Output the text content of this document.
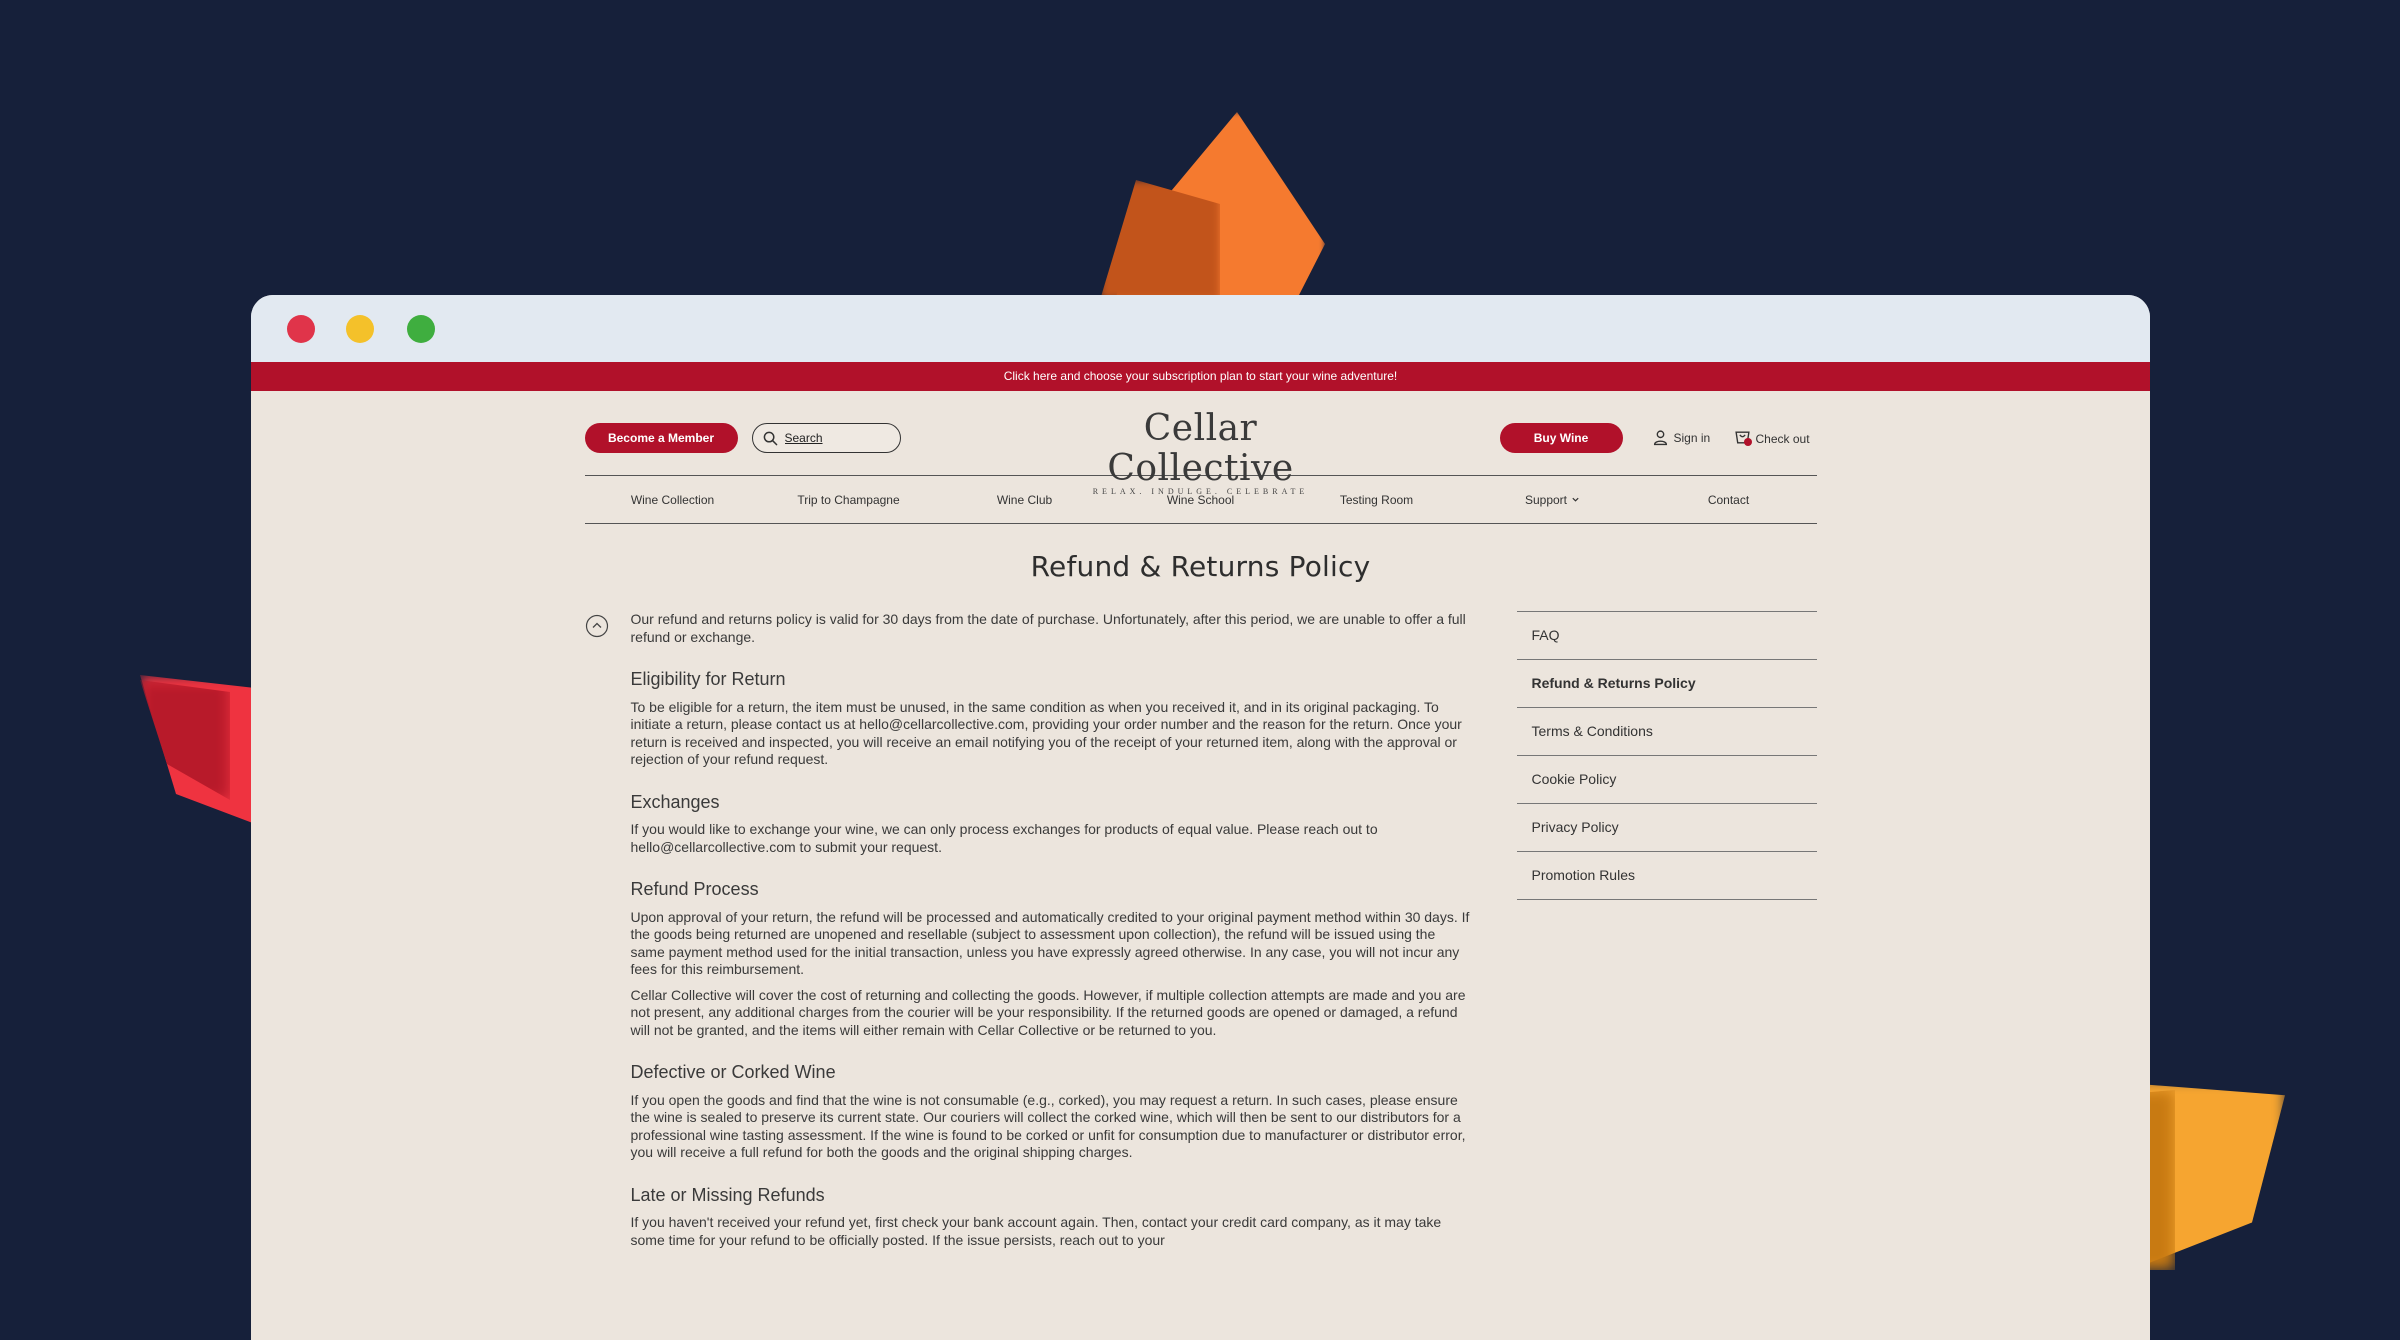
Click here and choose your subscription plan to start your wine adventure!
Become a Member
Search	Cellar Collective
RELAX. INDULGE. CELEBRATE
Buy Wine	Sign in	Check out
Wine Collection	Trip to Champagne	Wine Club	Wine School	Testing Room	Support	Contact
Refund & Returns Policy

Our refund and returns policy is valid for 30 days from the date of purchase. Unfortunately, after this period, we are unable to offer a full refund or exchange.

Eligibility for Return

To be eligible for a return, the item must be unused, in the same condition as when you received it, and in its original packaging. To initiate a return, please contact us at hello@cellarcollective.com, providing your order number and the reason for the return. Once your return is received and inspected, you will receive an email notifying you of the receipt of your returned item, along with the approval or rejection of your refund request.

Exchanges

If you would like to exchange your wine, we can only process exchanges for products of equal value. Please reach out to hello@cellarcollective.com to submit your request.

Refund Process

Upon approval of your return, the refund will be processed and automatically credited to your original payment method within 30 days. If the goods being returned are unopened and resellable (subject to assessment upon collection), the refund will be issued using the same payment method used for the initial transaction, unless you have expressly agreed otherwise. In any case, you will not incur any fees for this reimbursement.

Cellar Collective will cover the cost of returning and collecting the goods. However, if multiple collection attempts are made and you are not present, any additional charges from the courier will be your responsibility. If the returned goods are opened or damaged, a refund will not be granted, and the items will either remain with Cellar Collective or be returned to you.

Defective or Corked Wine

If you open the goods and find that the wine is not consumable (e.g., corked), you may request a return. In such cases, please ensure the wine is sealed to preserve its current state. Our couriers will collect the corked wine, which will then be sent to our distributors for a professional wine tasting assessment. If the wine is found to be corked or unfit for consumption due to manufacturer or distributor error, you will receive a full refund for both the goods and the original shipping charges.

Late or Missing Refunds

If you haven't received your refund yet, first check your bank account again. Then, contact your credit card company, as it may take some time for your refund to be officially posted. If the issue persists, reach out to your

FAQ
Refund & Returns Policy
Terms & Conditions
Cookie Policy
Privacy Policy
Promotion Rules
